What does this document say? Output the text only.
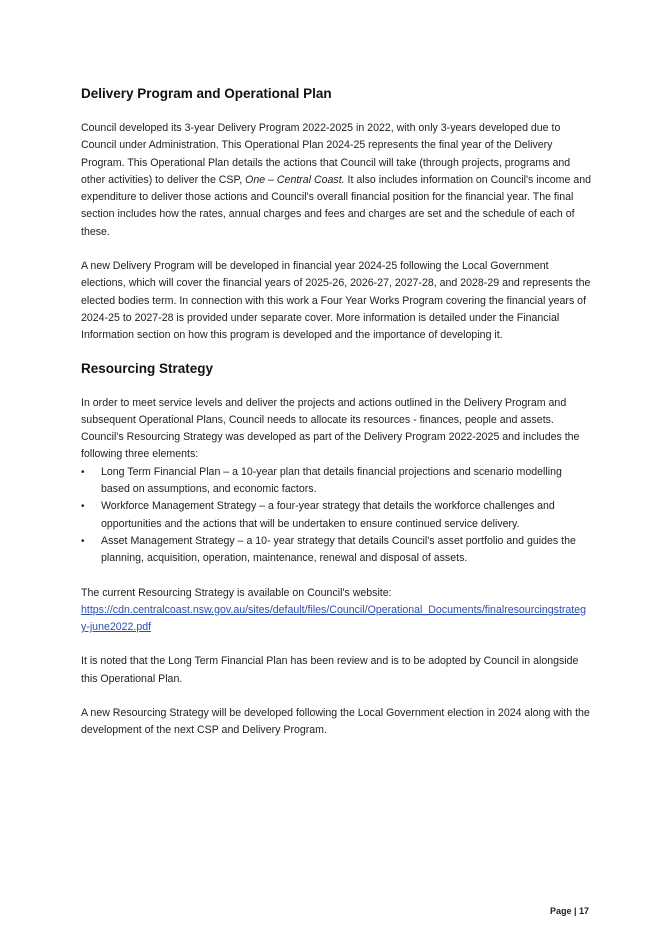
Delivery Program and Operational Plan

Council developed its 3-year Delivery Program 2022-2025 in 2022, with only 3-years developed due to Council under Administration. This Operational Plan 2024-25 represents the final year of the Delivery Program. This Operational Plan details the actions that Council will take (through projects, programs and other activities) to deliver the CSP, One – Central Coast. It also includes information on Council's income and expenditure to deliver those actions and Council's overall financial position for the financial year. The final section includes how the rates, annual charges and fees and charges are set and the schedule of each of these.

A new Delivery Program will be developed in financial year 2024-25 following the Local Government elections, which will cover the financial years of 2025-26, 2026-27, 2027-28, and 2028-29 and represents the elected bodies term. In connection with this work a Four Year Works Program covering the financial years of 2024-25 to 2027-28 is provided under separate cover. More information is detailed under the Financial Information section on how this program is developed and the importance of developing it.

Resourcing Strategy

In order to meet service levels and deliver the projects and actions outlined in the Delivery Program and subsequent Operational Plans, Council needs to allocate its resources - finances, people and assets. Council's Resourcing Strategy was developed as part of the Delivery Program 2022-2025 and includes the following three elements:

• Long Term Financial Plan – a 10-year plan that details financial projections and scenario modelling based on assumptions, and economic factors.
• Workforce Management Strategy – a four-year strategy that details the workforce challenges and opportunities and the actions that will be undertaken to ensure continued service delivery.
• Asset Management Strategy – a 10- year strategy that details Council's asset portfolio and guides the planning, acquisition, operation, maintenance, renewal and disposal of assets.

The current Resourcing Strategy is available on Council's website:
https://cdn.centralcoast.nsw.gov.au/sites/default/files/Council/Operational_Documents/finalresourcingstrategy-june2022.pdf

It is noted that the Long Term Financial Plan has been review and is to be adopted by Council in alongside this Operational Plan.

A new Resourcing Strategy will be developed following the Local Government election in 2024 along with the development of the next CSP and Delivery Program.

Page | 17
